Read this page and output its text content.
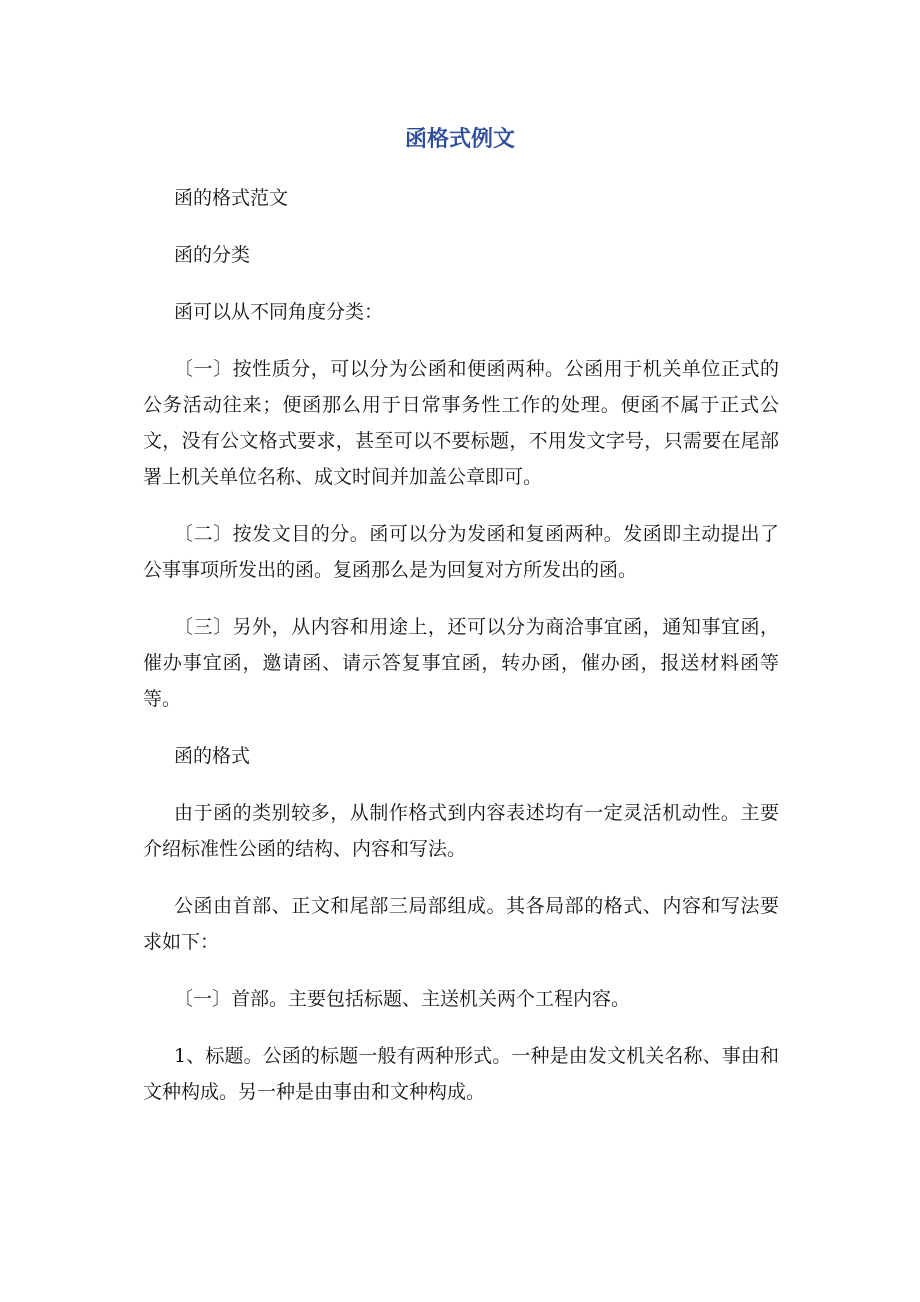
函格式例文

函的格式范文

函的分类

函可以从不同角度分类：

〔一〕按性质分，可以分为公函和便函两种。公函用于机关单位正式的公务活动往来；便函那么用于日常事务性工作的处理。便函不属于正式公文，没有公文格式要求，甚至可以不要标题，不用发文字号，只需要在尾部署上机关单位名称、成文时间并加盖公章即可。

〔二〕按发文目的分。函可以分为发函和复函两种。发函即主动提出了公事事项所发出的函。复函那么是为回复对方所发出的函。

〔三〕另外，从内容和用途上，还可以分为商洽事宜函，通知事宜函，催办事宜函，邀请函、请示答复事宜函，转办函，催办函，报送材料函等等。

函的格式

由于函的类别较多，从制作格式到内容表述均有一定灵活机动性。主要介绍标准性公函的结构、内容和写法。

公函由首部、正文和尾部三局部组成。其各局部的格式、内容和写法要求如下：

〔一〕首部。主要包括标题、主送机关两个工程内容。

1、标题。公函的标题一般有两种形式。一种是由发文机关名称、事由和文种构成。另一种是由事由和文种构成。
